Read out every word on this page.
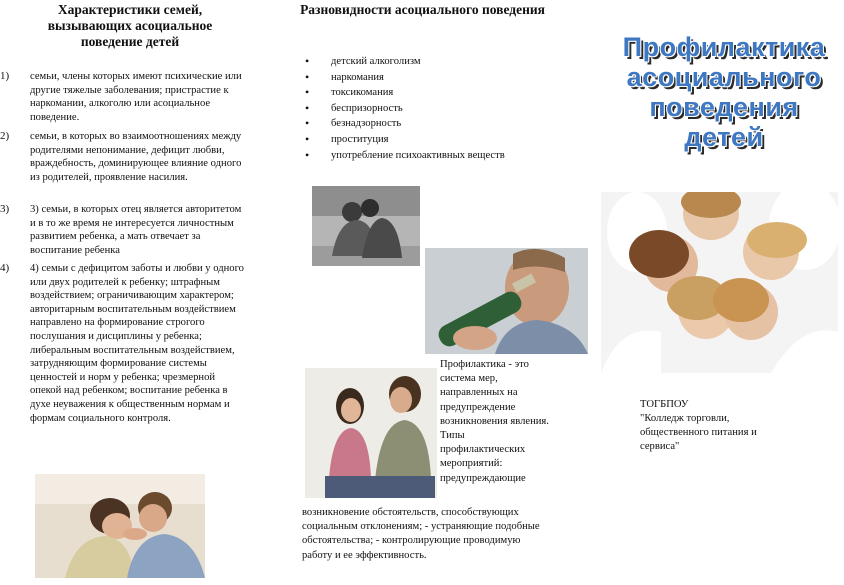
Характеристики семей, вызывающих асоциальное поведение детей
1)	семьи, члены которых имеют психические или другие тяжелые заболевания; пристрастие к наркомании, алкоголю или асоциальное поведение.
2)	семьи, в которых во взаимоотношениях между родителями непонимание, дефицит любви, враждебность, доминирующее влияние одного из родителей, проявление насилия.
3)	3) семьи, в которых отец является авторитетом и в то же время не интересуется личностным развитием ребенка, а мать отвечает за воспитание ребенка
4)	4) семьи с дефицитом заботы и любви у одного или двух родителей к ребенку; штрафным воздействием; ограничивающим характером; авторитарным воспитательным воздействием направлено на формирование строгого послушания и дисциплины у ребенка; либеральным воспитательным воздействием, затрудняющим формирование системы ценностей и норм у ребенка; чрезмерной опекой над ребенком; воспитание ребенка в духе неуважения к общественным нормам и формам социального контроля.
Разновидности асоциального поведения
• детский алкоголизм
• наркомания
• токсикомания
• беспризорность
• безнадзорность
• проституция
• употребление психоактивных веществ
Профилактика - это система мер, направленных на предупреждение возникновения явления. Типы профилактических мероприятий: предупреждающие
возникновение обстоятельств, способствующих социальным отклонениям; - устраняющие подобные обстоятельства; - контролирующие проводимую работу и ее эффективность.
Профилактика асоциального поведения детей
ТОГБПОУ
"Колледж торговли, общественного питания и сервиса"
